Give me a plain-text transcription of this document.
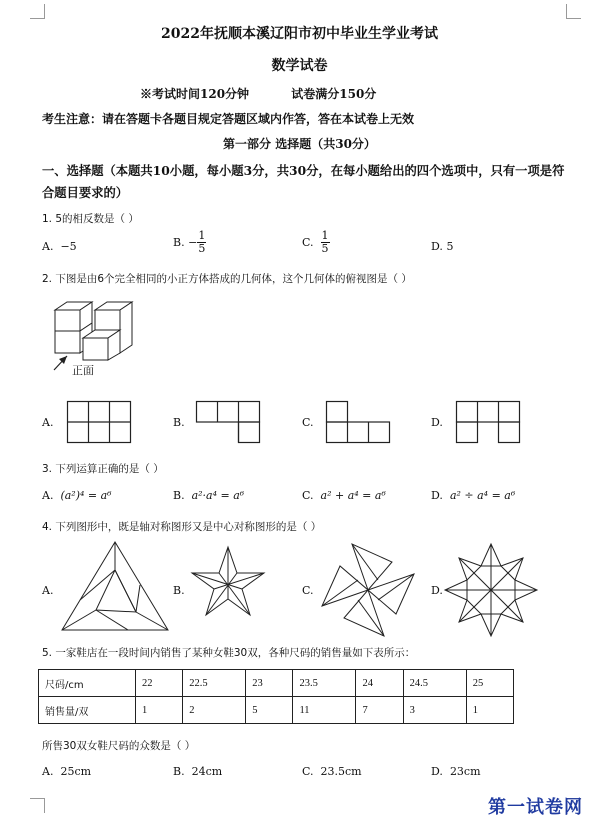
2022年抚顺本溪辽阳市初中毕业生学业考试
数学试卷
※考试时间120分钟	试卷满分150分
考生注意：请在答题卡各题目规定答题区域内作答，答在本试卷上无效
第一部分 选择题（共30分）
一、选择题（本题共10小题，每小题3分，共30分，在每小题给出的四个选项中，只有一项是符合题目要求的）
1. 5的相反数是（ ）
A. −5	B. − $\frac{1}{5}$	C. $\frac{1}{5}$	D. 5
2. 下图是由6个完全相同的小正方体搭成的几何体，这个几何体的俯视图是（ ）
正面
A.	B.	C.	D.
3. 下列运算正确的是（ ）
A. (a²)⁴ = a⁶	B. a²·a⁴ = a⁶	C. a² + a⁴ = a⁶	D. a² ÷ a⁴ = a⁶
4. 下列图形中，既是轴对称图形又是中心对称图形的是（ ）
A.	B.	C.	D.
5. 一家鞋店在一段时间内销售了某种女鞋30双，各种尺码的销售量如下表所示：
尺码/cm	22	22.5	23	23.5	24	24.5	25
销售量/双	1	2	5	11	7	3	1
所售30双女鞋尺码的众数是（ ）
A. 25cm	B. 24cm	C. 23.5cm	D. 23cm
第一试卷网
